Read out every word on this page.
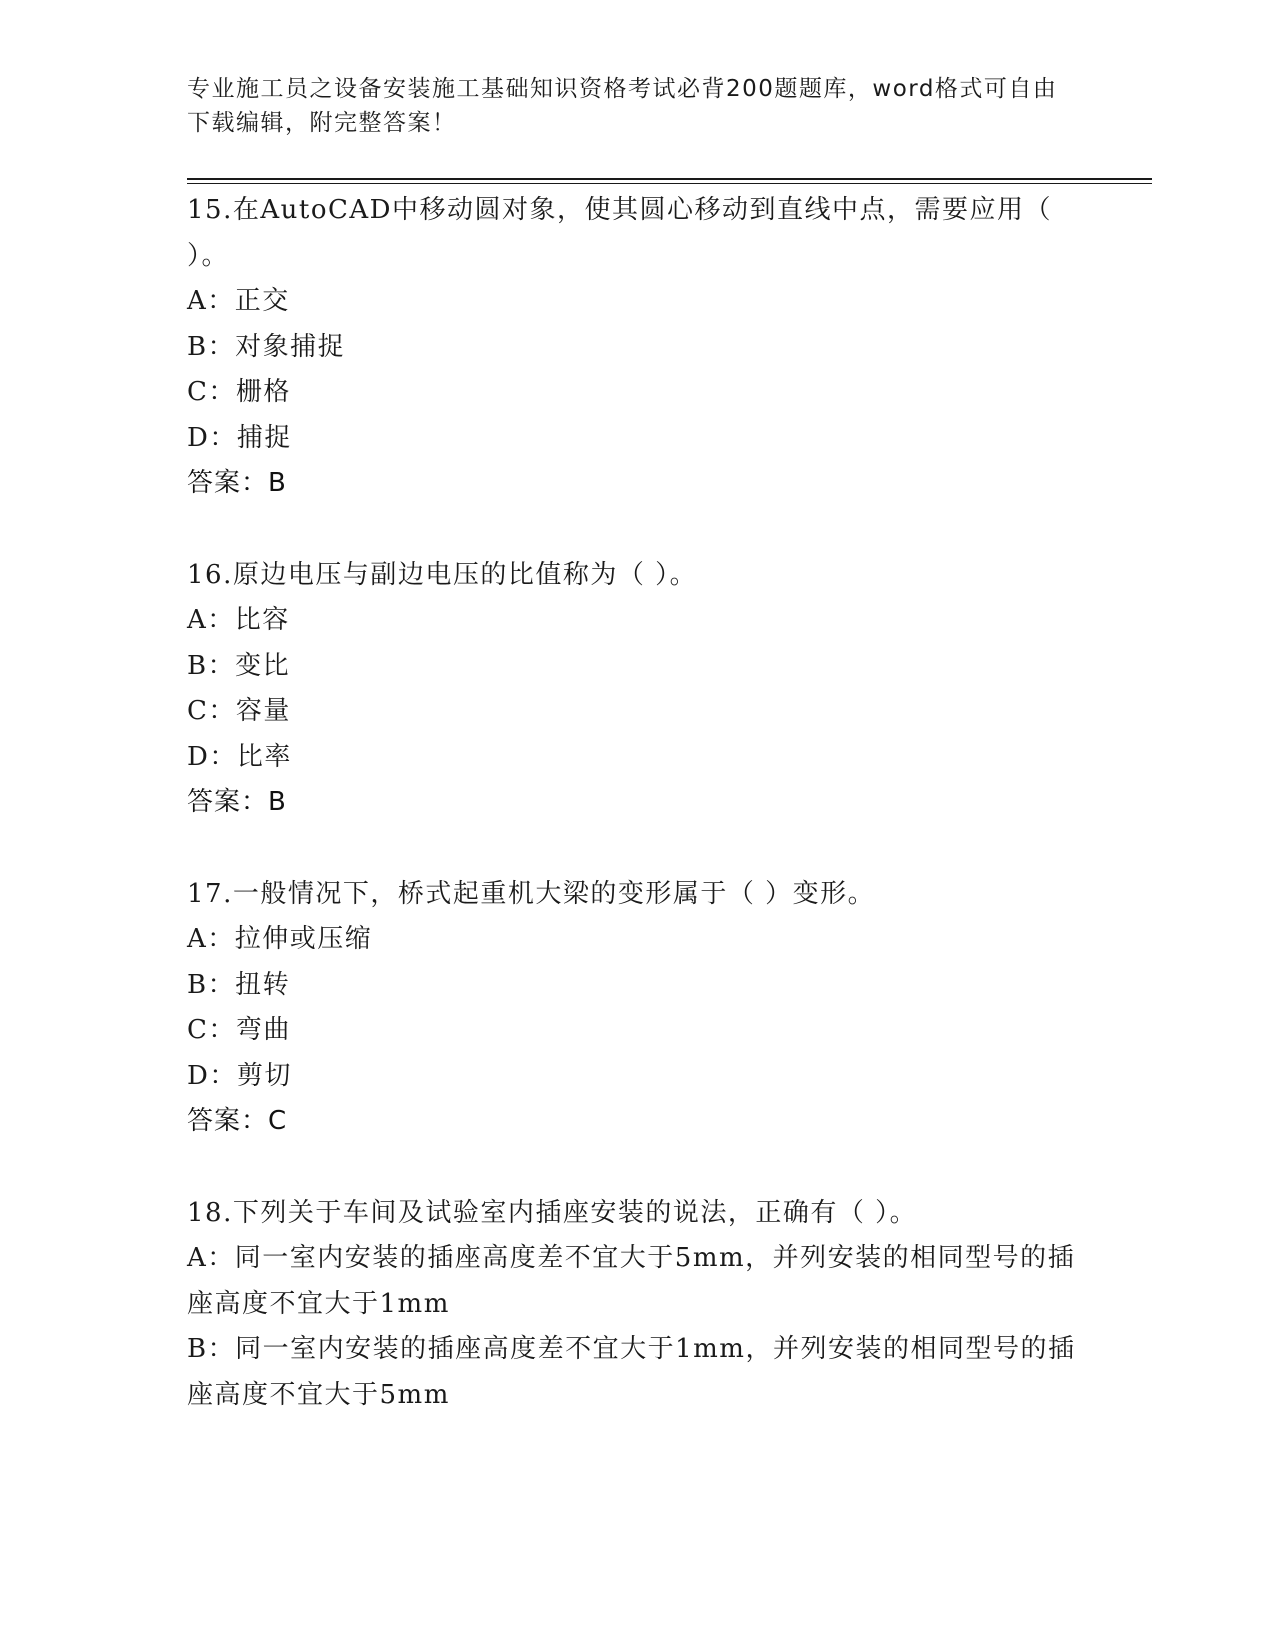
专业施工员之设备安装施工基础知识资格考试必背200题题库，word格式可自由下载编辑，附完整答案！

15.在AutoCAD中移动圆对象，使其圆心移动到直线中点，需要应用（ ）。

A：正交

B：对象捕捉

C：栅格

D：捕捉

答案：B

16.原边电压与副边电压的比值称为（ ）。

A：比容

B：变比

C：容量

D：比率

答案：B

17.一般情况下，桥式起重机大梁的变形属于（ ）变形。

A：拉伸或压缩

B：扭转

C：弯曲

D：剪切

答案：C

18.下列关于车间及试验室内插座安装的说法，正确有（ ）。

A：同一室内安装的插座高度差不宜大于5mm，并列安装的相同型号的插座高度不宜大于1mm

B：同一室内安装的插座高度差不宜大于1mm，并列安装的相同型号的插座高度不宜大于5mm
